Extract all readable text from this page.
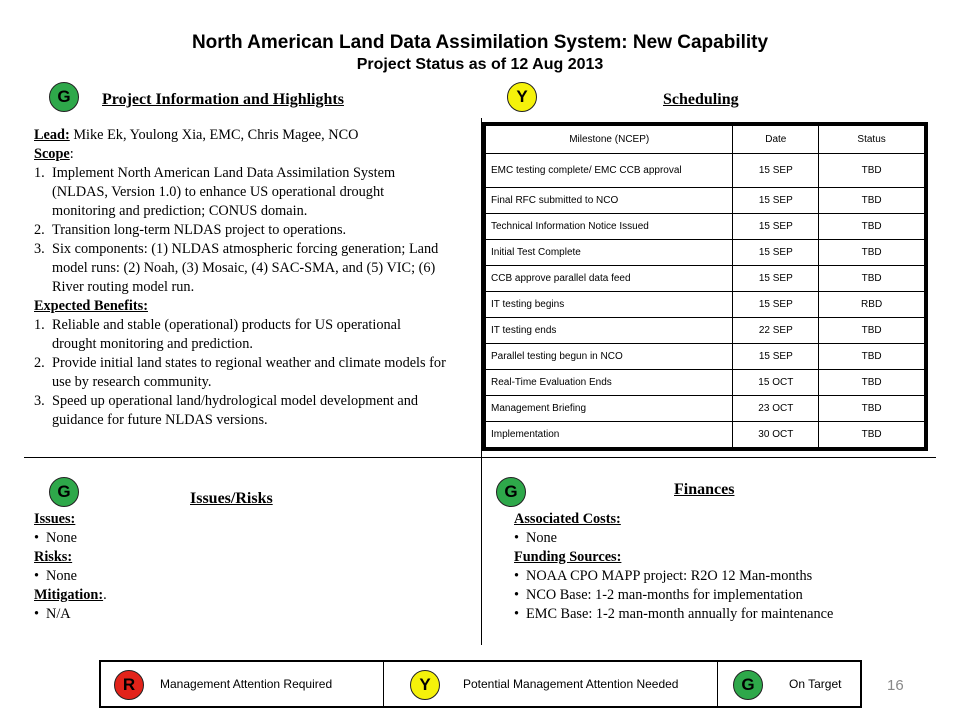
North American Land Data Assimilation System: New Capability
Project Status as of 12 Aug 2013
G	Project Information and Highlights

Lead: Mike Ek, Youlong Xia, EMC, Chris Magee, NCO

Scope:

1. Implement North American Land Data Assimilation System (NLDAS, Version 1.0) to enhance US operational drought monitoring and prediction; CONUS domain.
2. Transition long-term NLDAS project to operations.
3. Six components: (1) NLDAS atmospheric forcing generation; Land model runs: (2) Noah, (3) Mosaic, (4) SAC-SMA, and (5) VIC; (6) River routing model run.

Expected Benefits:

1. Reliable and stable (operational) products for US operational drought monitoring and prediction.
2. Provide initial land states to regional weather and climate models for use by research community.
3. Speed up operational land/hydrological model development and guidance for future NLDAS versions.
Y	Scheduling
Milestone (NCEP)	Date	Status
EMC testing complete/ EMC CCB approval	15 SEP	TBD
Final RFC submitted to NCO	15 SEP	TBD
Technical Information Notice Issued	15 SEP	TBD
Initial Test Complete	15 SEP	TBD
CCB approve parallel data feed	15 SEP	TBD
IT testing begins	15 SEP	RBD
IT testing ends	22 SEP	TBD
Parallel testing begun in NCO	15 SEP	TBD
Real-Time Evaluation Ends	15 OCT	TBD
Management Briefing	23 OCT	TBD
Implementation	30 OCT	TBD
G	Issues/Risks

Issues:

• None

Risks:

• None

Mitigation:.

• N/A
G	Finances

Associated Costs:

• None

Funding Sources:

• NOAA CPO MAPP project: R2O 12 Man-months
• NCO Base: 1-2 man-months for implementation
• EMC Base: 1-2 man-month annually for maintenance
R	Management Attention Required	Y	Potential Management Attention Needed	G	On Target	16
